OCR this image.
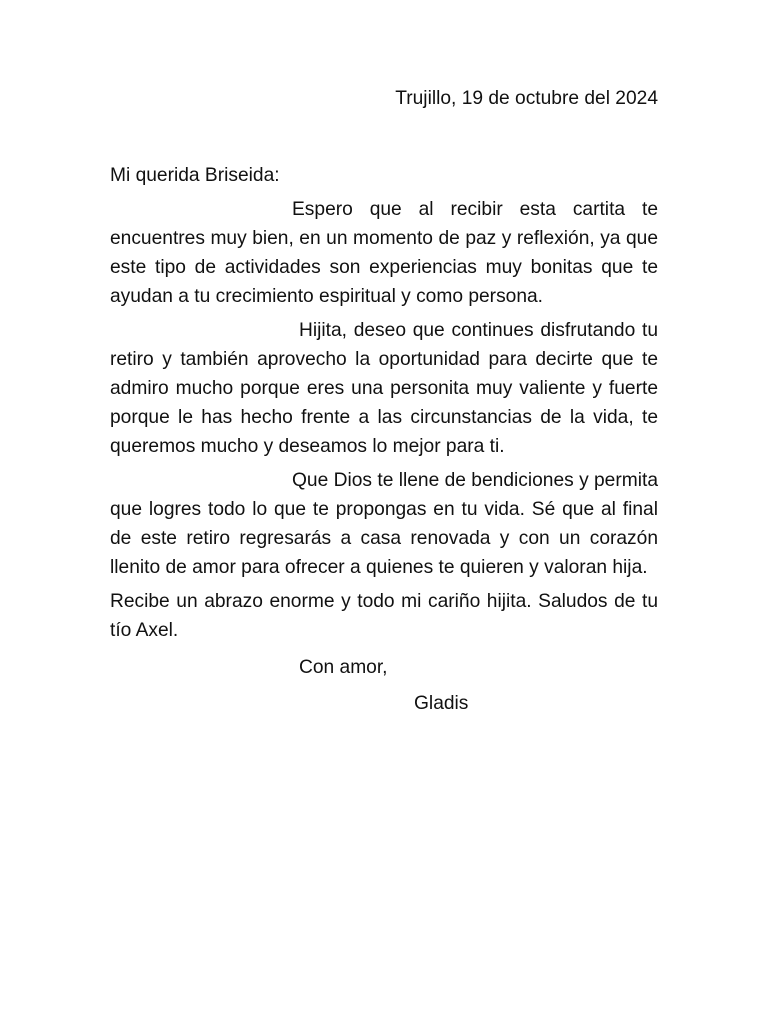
Trujillo, 19 de octubre del 2024

Mi querida Briseida:

Espero que al recibir esta cartita te encuentres muy bien, en un momento de paz y reflexión, ya que este tipo de actividades son experiencias muy bonitas que te ayudan a tu crecimiento espiritual y como persona.

Hijita, deseo que continues disfrutando tu retiro y también aprovecho la oportunidad para decirte que te admiro mucho porque eres una personita muy valiente y fuerte porque le has hecho frente a las circunstancias de la vida, te queremos mucho y deseamos lo mejor para ti.

Que Dios te llene de bendiciones y permita que logres todo lo que te propongas en tu vida. Sé que al final de este retiro regresarás a casa renovada y con un corazón llenito de amor para ofrecer a quienes te quieren y valoran hija.

Recibe un abrazo enorme y todo mi cariño hijita. Saludos de tu tío Axel.

Con amor,

Gladis
